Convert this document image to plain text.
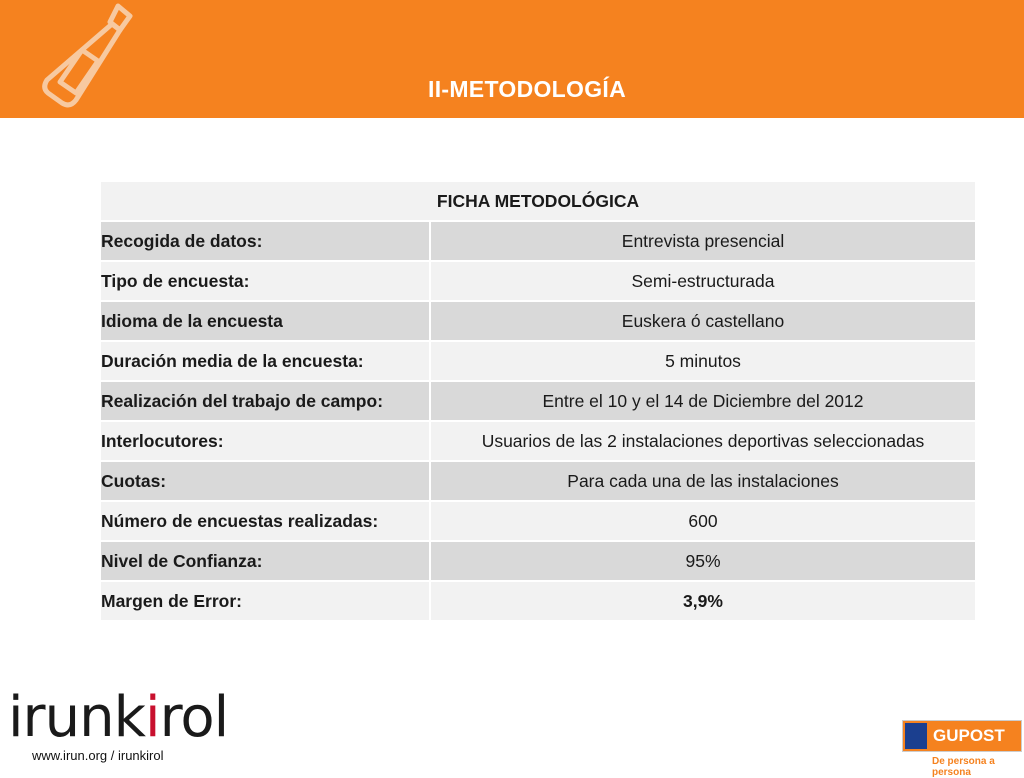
II-METODOLOGÍA
FICHA METODOLÓGICA	
Recogida de datos:	Entrevista presencial
Tipo de encuesta:	Semi-estructurada
Idioma de la encuesta	Euskera ó castellano
Duración media de la encuesta:	5 minutos
Realización del trabajo de campo:	Entre el 10 y el 14 de Diciembre del 2012
Interlocutores:	Usuarios de las 2 instalaciones deportivas seleccionadas
Cuotas:	Para cada una de las instalaciones
Número de encuestas realizadas:	600
Nivel de Confianza:	95%
Margen de Error:	3,9%
irunkirol
www.irun.org / irunkirol
GUPOST
De persona a persona
